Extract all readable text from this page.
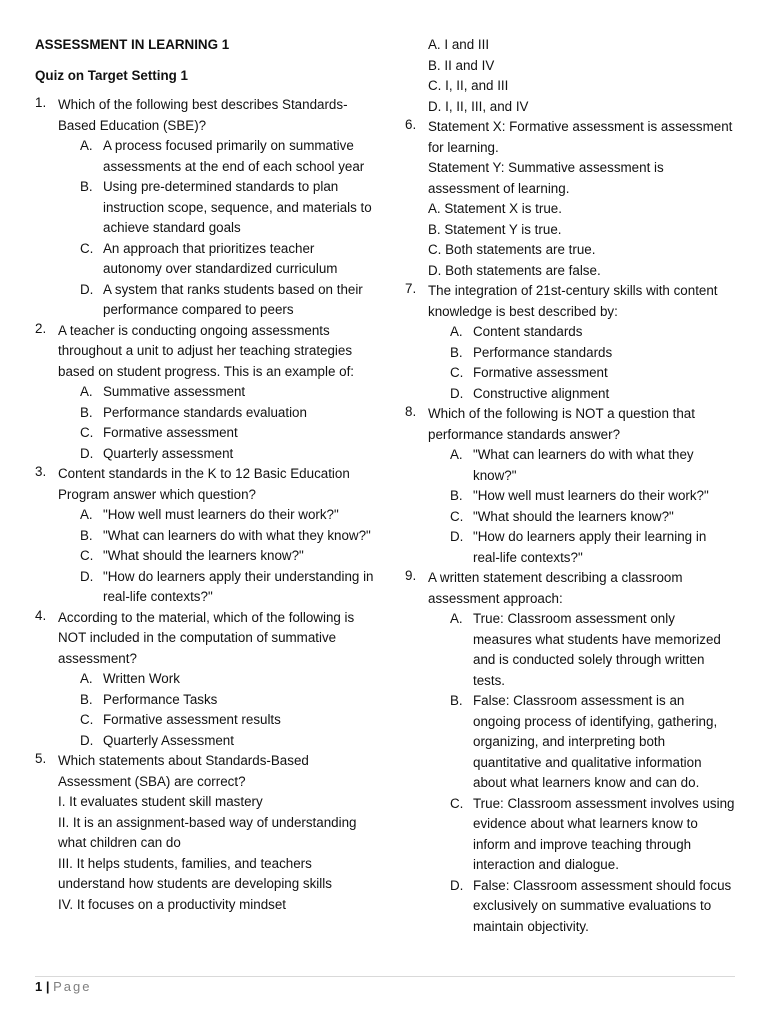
ASSESSMENT IN LEARNING 1
Quiz on Target Setting 1
1. Which of the following best describes Standards-Based Education (SBE)?
A. A process focused primarily on summative assessments at the end of each school year
B. Using pre-determined standards to plan instruction scope, sequence, and materials to achieve standard goals
C. An approach that prioritizes teacher autonomy over standardized curriculum
D. A system that ranks students based on their performance compared to peers
2. A teacher is conducting ongoing assessments throughout a unit to adjust her teaching strategies based on student progress. This is an example of:
A. Summative assessment
B. Performance standards evaluation
C. Formative assessment
D. Quarterly assessment
3. Content standards in the K to 12 Basic Education Program answer which question?
A. "How well must learners do their work?"
B. "What can learners do with what they know?"
C. "What should the learners know?"
D. "How do learners apply their understanding in real-life contexts?"
4. According to the material, which of the following is NOT included in the computation of summative assessment?
A. Written Work
B. Performance Tasks
C. Formative assessment results
D. Quarterly Assessment
5. Which statements about Standards-Based Assessment (SBA) are correct?
I. It evaluates student skill mastery
II. It is an assignment-based way of understanding what children can do
III. It helps students, families, and teachers understand how students are developing skills
IV. It focuses on a productivity mindset
A. I and III
B. II and IV
C. I, II, and III
D. I, II, III, and IV
6. Statement X: Formative assessment is assessment for learning.
Statement Y: Summative assessment is assessment of learning.
A. Statement X is true.
B. Statement Y is true.
C. Both statements are true.
D. Both statements are false.
7. The integration of 21st-century skills with content knowledge is best described by:
A. Content standards
B. Performance standards
C. Formative assessment
D. Constructive alignment
8. Which of the following is NOT a question that performance standards answer?
A. "What can learners do with what they know?"
B. "How well must learners do their work?"
C. "What should the learners know?"
D. "How do learners apply their learning in real-life contexts?"
9. A written statement describing a classroom assessment approach:
A. True: Classroom assessment only measures what students have memorized and is conducted solely through written tests.
B. False: Classroom assessment is an ongoing process of identifying, gathering, organizing, and interpreting both quantitative and qualitative information about what learners know and can do.
C. True: Classroom assessment involves using evidence about what learners know to inform and improve teaching through interaction and dialogue.
D. False: Classroom assessment should focus exclusively on summative evaluations to maintain objectivity.
1 | Page
